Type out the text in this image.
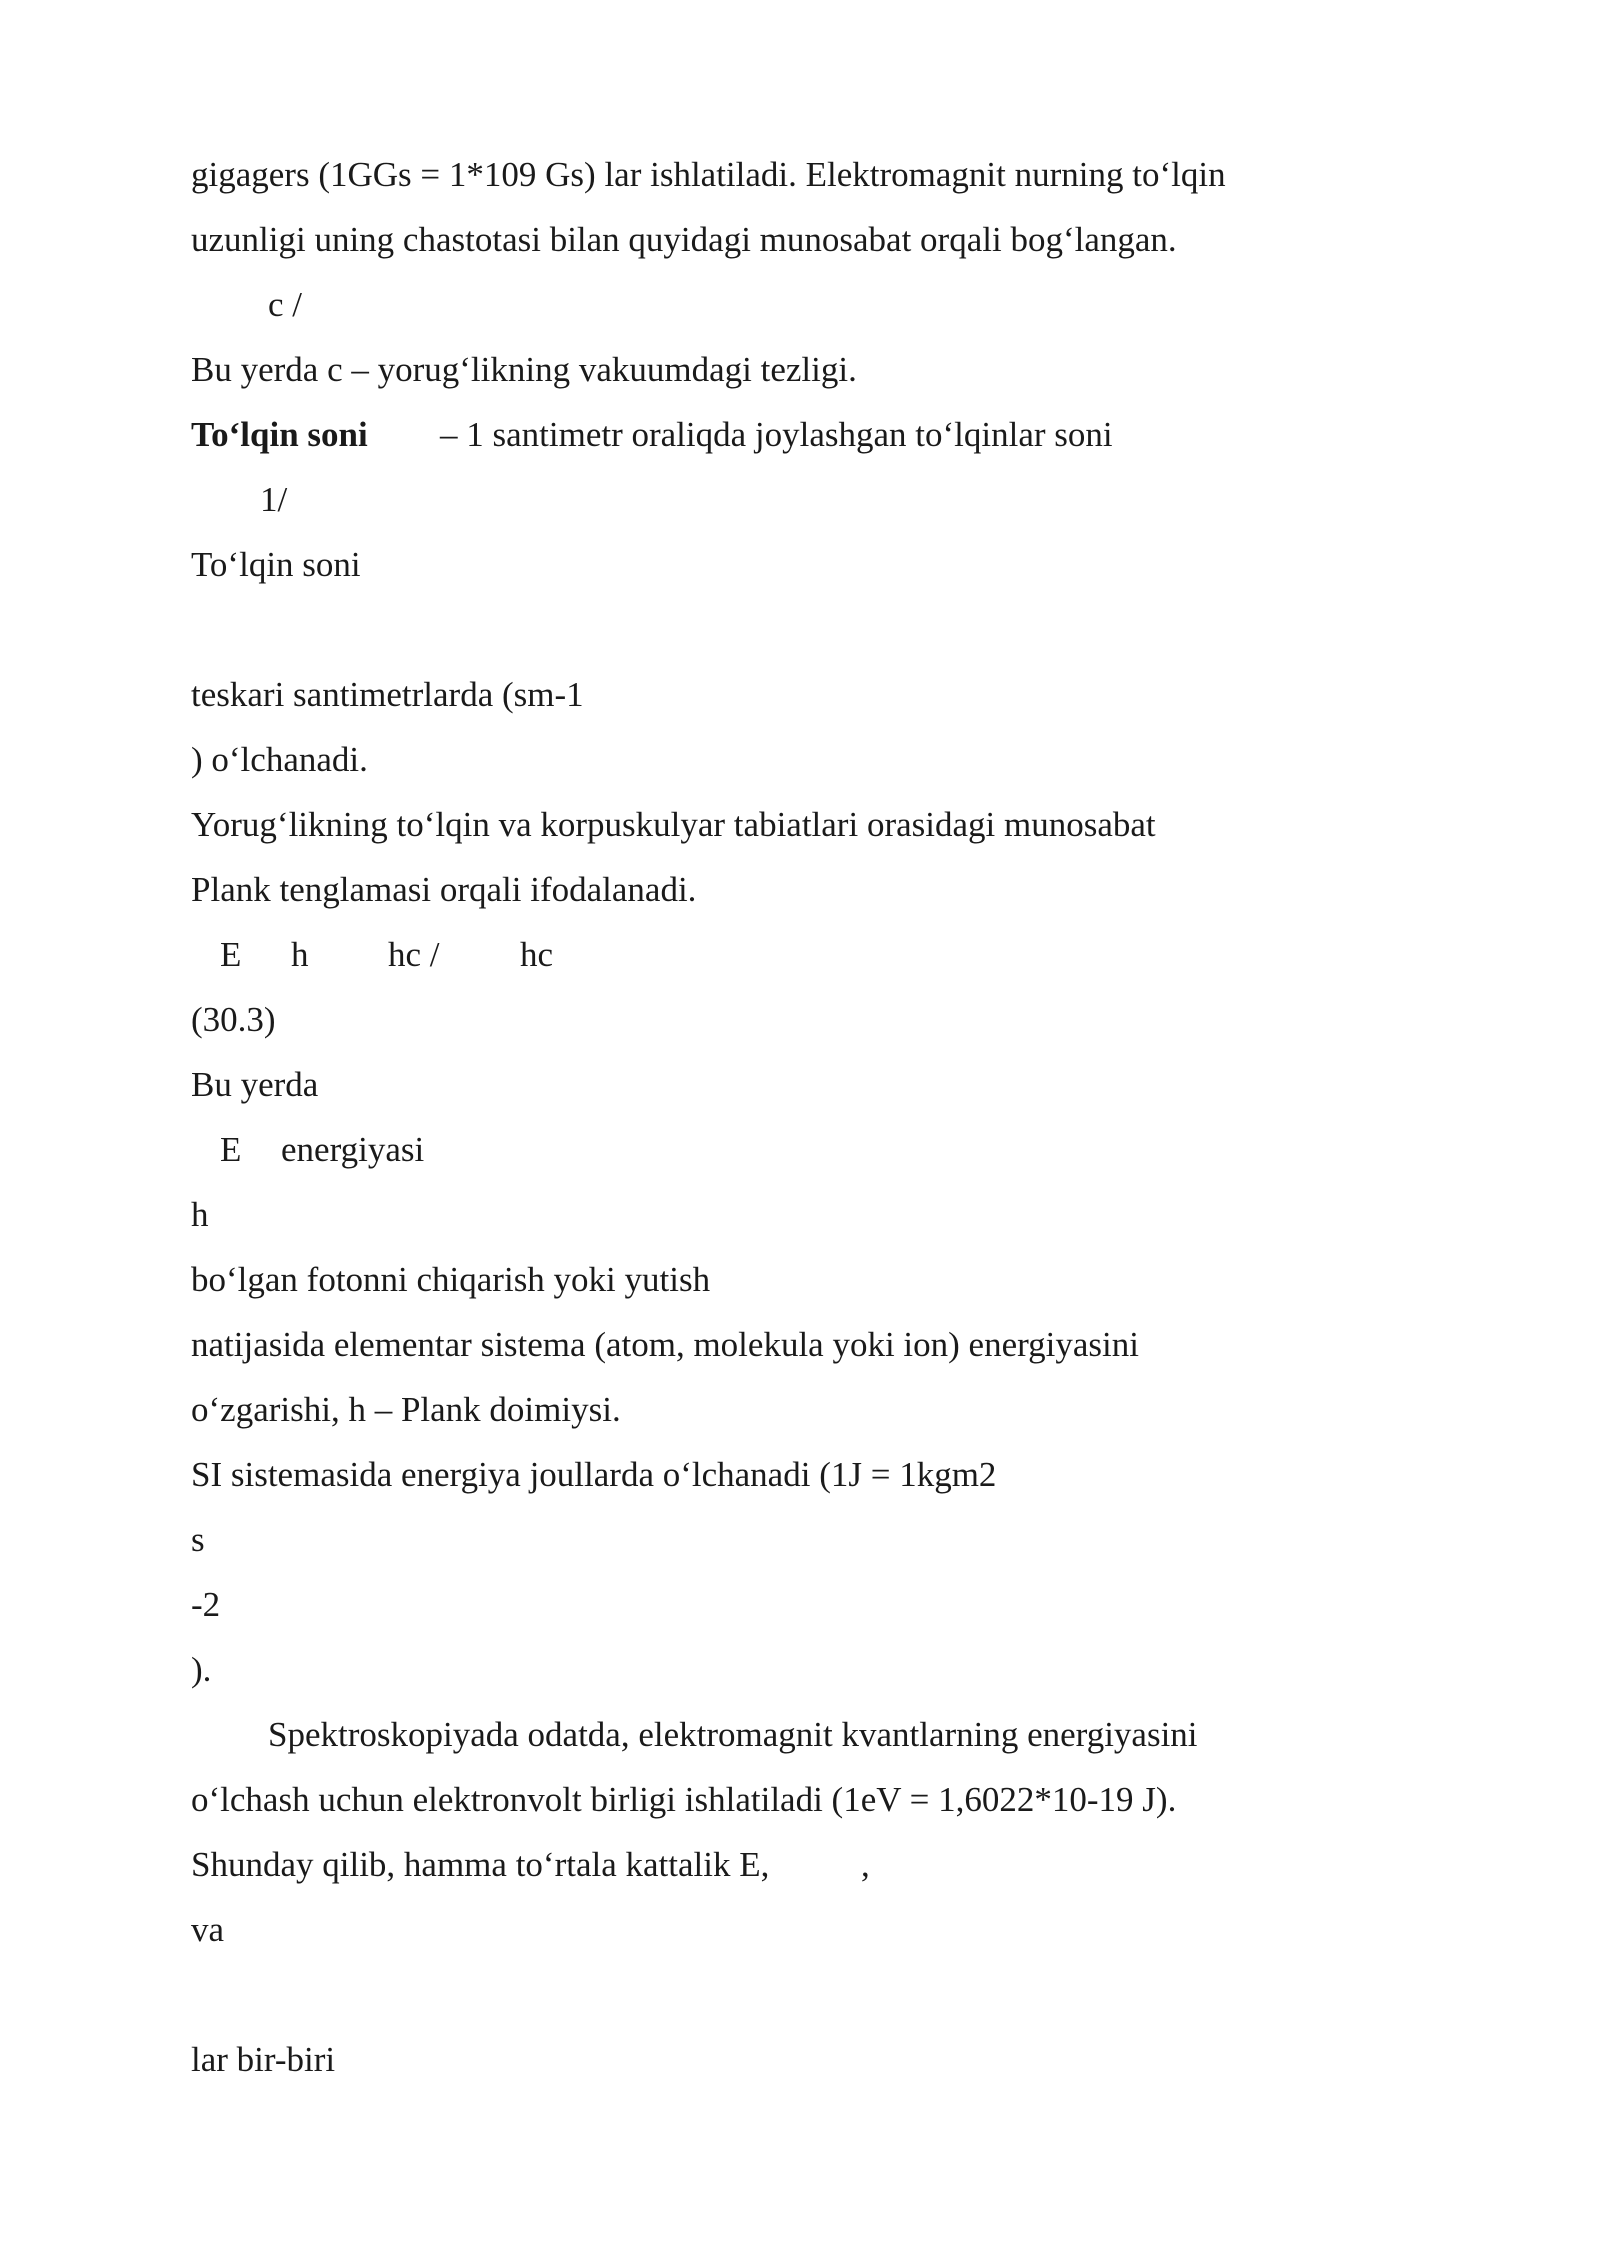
gigagers (1GGs = 1*109 Gs) lar ishlatiladi. Elektromagnit nurning to‘lqin
uzunligi uning chastotasi bilan quyidagi munosabat orqali bog‘langan.
c /
Bu yerda c – yorug‘likning vakuumdagi tezligi.
To‘lqin soni – 1 santimetr oraliqda joylashgan to‘lqinlar soni
1/
To‘lqin soni
teskari santimetrlarda (sm-1
) o‘lchanadi.
Yorug‘likning to‘lqin va korpuskulyar tabiatlari orasidagi munosabat
Plank tenglamasi orqali ifodalanadi.
E h hc / hc
(30.3)
Bu yerda
E energiyasi
h
bo‘lgan fotonni chiqarish yoki yutish
natijasida elementar sistema (atom, molekula yoki ion) energiyasini
o‘zgarishi, h – Plank doimiysi.
SI sistemasida energiya joullarda o‘lchanadi (1J = 1kgm2
s
-2
).
Spektroskopiyada odatda, elektromagnit kvantlarning energiyasini
o‘lchash uchun elektronvolt birligi ishlatiladi (1eV = 1,6022*10-19 J).
Shunday qilib, hamma to‘rtala kattalik E,	,
va
lar bir-biri
